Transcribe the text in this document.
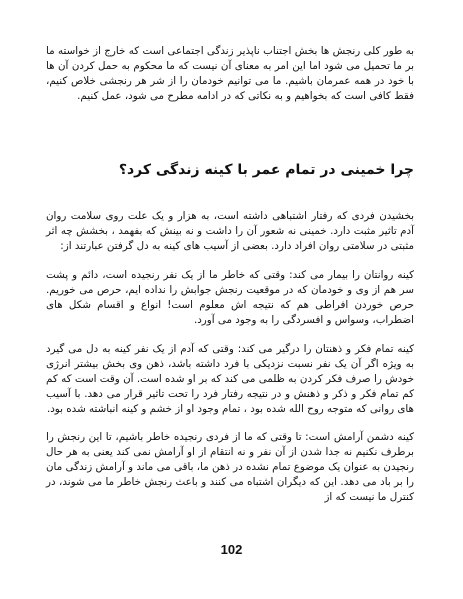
به طور کلی رنجش ها بخش اجتناب ناپذیر زندگی اجتماعی است که خارج از خواسته ما بر ما تحمیل می شود اما این امر به معنای آن نیست که ما محکوم به حمل کردن آن ها با خود در همه عمرمان باشیم. ما می توانیم خودمان را از شر هر رنجشی خلاص کنیم، فقط کافی است که بخواهیم و به نکاتی که در ادامه مطرح می شود، عمل کنیم.

چرا خمینی در تمام عمر با کینه زندگی کرد؟

بخشیدن فردی که رفتار اشتباهی داشته است، به هزار و یک علت روی سلامت روان آدم تاثیر مثبت دارد. خمینی نه شعور آن را داشت و نه بینش که بفهمد ، بخشش چه اثر مثبتی در سلامتی روان افراد دارد. بعضی از آسیب های کینه به دل گرفتن عبارتند از:

کینه روانتان را بیمار می کند: وقتی که خاطر ما از یک نفر رنجیده است، دائم و پشت سر هم از وی و خودمان که در موقعیت رنجش جوابش را نداده ایم، حرص می خوریم. حرص خوردن افراطی هم که نتیجه اش معلوم است! انواع و اقسام شکل های اضطراب، وسواس و افسردگی را به وجود می آورد.

کینه تمام فکر و ذهنتان را درگیر می کند: وقتی که آدم از یک نفر کینه به دل می گیرد به ویژه اگر آن یک نفر نسبت نزدیکی با فرد داشته باشد، ذهن وی بخش بیشتر انرژی خودش را صرف فکر کردن به ظلمی می کند که بر او شده است. آن وقت است که کم کم تمام فکر و ذکر و ذهنش و در نتیجه رفتار فرد را تحت تاثیر قرار می دهد. با آسیب های روانی که متوجه روح الله شده بود ، تمام وجود او از خشم و کینه انباشته شده بود.

کینه دشمن آرامش است: تا وقتی که ما از فردی رنجیده خاطر باشیم، تا این رنجش را برطرف نکنیم نه جدا شدن از آن نفر و نه انتقام از او آرامش نمی کند یعنی به هر حال رنجیدن به عنوان یک موضوع تمام نشده در ذهن ما، باقی می ماند و آرامش زندگی مان را بر باد می دهد. این که دیگران اشتباه می کنند و باعث رنجش خاطر ما می شوند، در کنترل ما نیست که از

102
